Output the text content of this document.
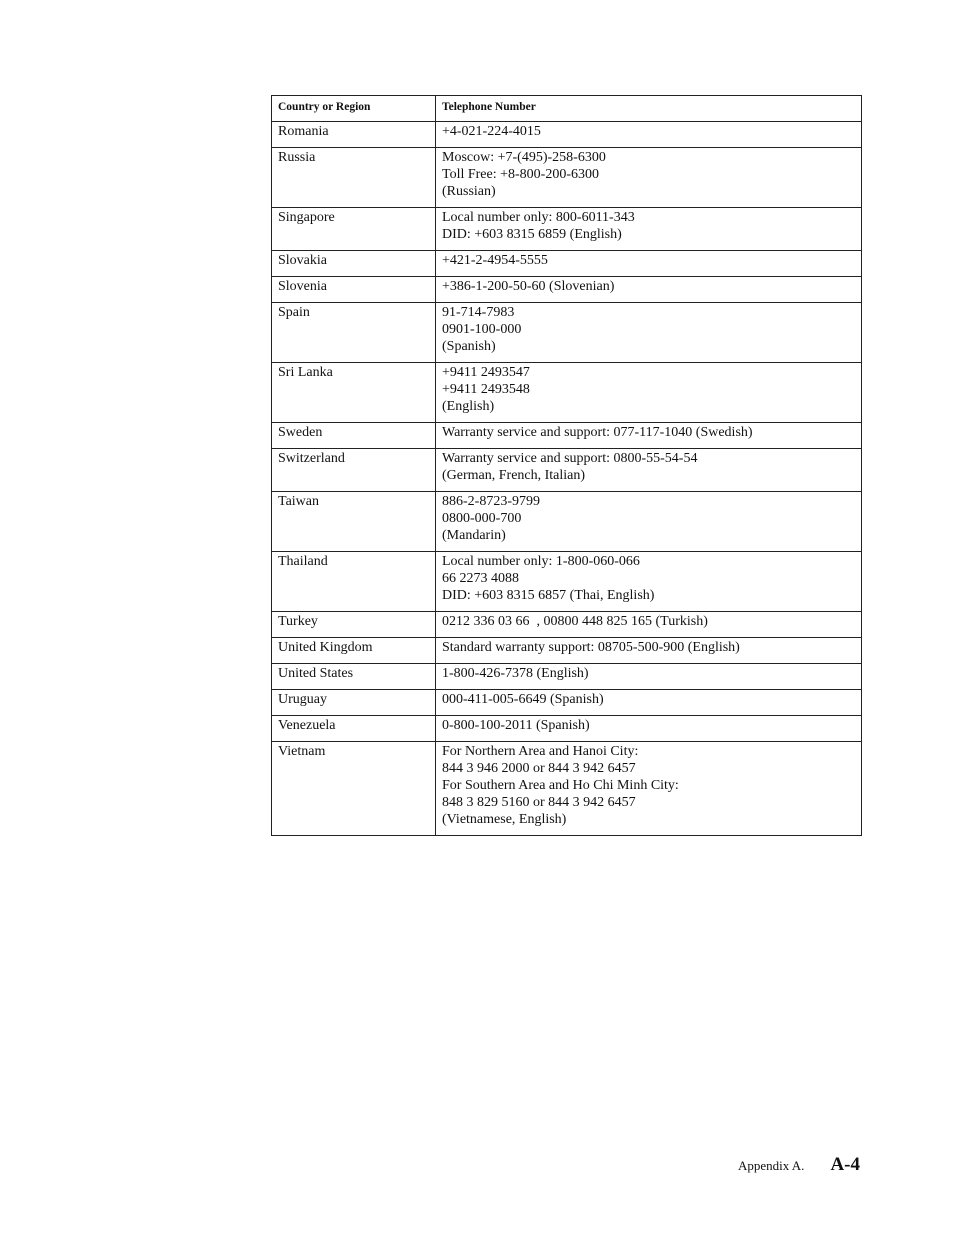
Country or Region	Telephone Number
Romania	+4-021-224-4015

Russia	Moscow: +7-(495)-258-6300
Toll Free: +8-800-200-6300
(Russian)

Singapore	Local number only: 800-6011-343
DID: +603 8315 6859 (English)

Slovakia	+421-2-4954-5555

Slovenia	+386-1-200-50-60 (Slovenian)

Spain	91-714-7983
0901-100-000
(Spanish)

Sri Lanka	+9411 2493547
+9411 2493548
(English)

Sweden	Warranty service and support: 077-117-1040 (Swedish)

Switzerland	Warranty service and support: 0800-55-54-54
(German, French, Italian)

Taiwan	886-2-8723-9799
0800-000-700
(Mandarin)

Thailand	Local number only: 1-800-060-066
66 2273 4088
DID: +603 8315 6857 (Thai, English)

Turkey	0212 336 03 66  , 00800 448 825 165 (Turkish)

United Kingdom	Standard warranty support: 08705-500-900 (English)

United States	1-800-426-7378 (English)

Uruguay	000-411-005-6649 (Spanish)

Venezuela	0-800-100-2011 (Spanish)

Vietnam	For Northern Area and Hanoi City:
844 3 946 2000 or 844 3 942 6457
For Southern Area and Ho Chi Minh City:
848 3 829 5160 or 844 3 942 6457
(Vietnamese, English)
Appendix A. A-4
